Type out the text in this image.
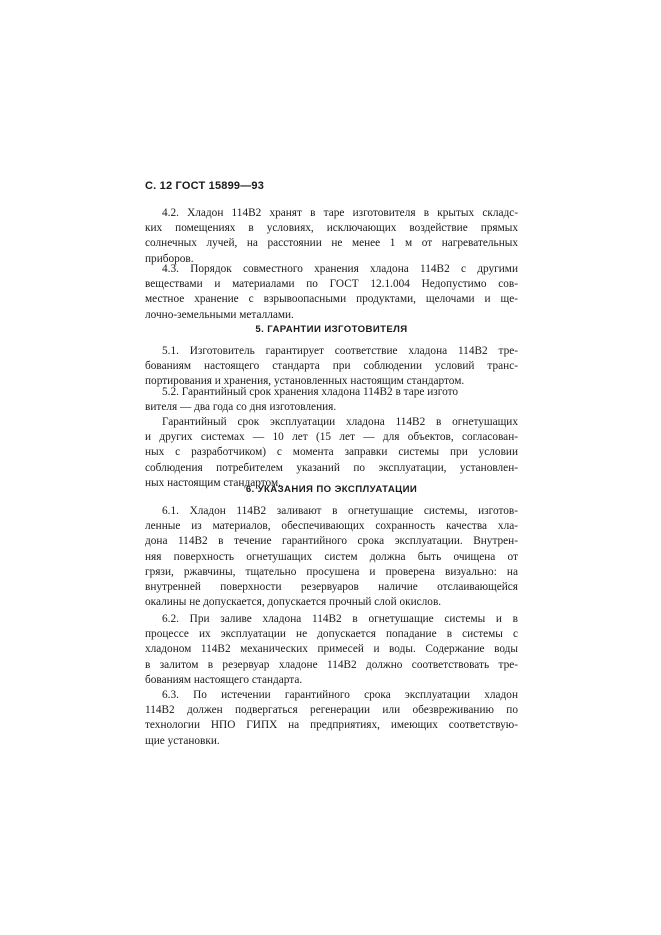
С. 12 ГОСТ 15899—93
4.2. Хладон 114В2 хранят в таре изготовителя в крытых складс-
ких помещениях в условиях, исключающих воздействие прямых
солнечных лучей, на расстоянии не менее 1 м от нагревательных
приборов.
4.3. Порядок совместного хранения хладона 114В2 с другими
веществами и материалами по ГОСТ 12.1.004 Недопустимо сов-
местное хранение с взрывоопасными продуктами, щелочами и ще-
лочно-земельными металлами.
5. ГАРАНТИИ ИЗГОТОВИТЕЛЯ
5.1. Изготовитель гарантирует соответствие хладона 114В2 тре-
бованиям настоящего стандарта при соблюдении условий транс-
портирования и хранения, установленных настоящим стандартом.
5.2. Гарантийный срок хранения хладона 114В2 в таре изгото
вителя — два года со дня изготовления.
Гарантийный срок эксплуатации хладона 114В2 в огнетушащих
и других системах — 10 лет (15 лет — для объектов, согласован-
ных с разработчиком) с момента заправки системы при условии
соблюдения потребителем указаний по эксплуатации, установлен-
ных настоящим стандартом.
6. УКАЗАНИЯ ПО ЭКСПЛУАТАЦИИ
6.1. Хладон 114В2 заливают в огнетушащие системы, изготов-
ленные из материалов, обеспечивающих сохранность качества хла-
дона 114В2 в течение гарантийного срока эксплуатации. Внутрен-
няя поверхность огнетушащих систем должна быть очищена от
грязи, ржавчины, тщательно просушена и проверена визуально: на
внутренней поверхности резервуаров наличие отслаивающейся
окалины не допускается, допускается прочный слой окислов.
6.2. При заливе хладона 114В2 в огнетушащие системы и в
процессе их эксплуатации не допускается попадание в системы с
хладоном 114В2 механических примесей и воды. Содержание воды
в залитом в резервуар хладоне 114В2 должно соответствовать тре-
бованиям настоящего стандарта.
6.3. По истечении гарантийного срока эксплуатации хладон
114В2 должен подвергаться регенерации или обезвреживанию по
технологии НПО ГИПХ на предприятиях, имеющих соответствую-
щие установки.
